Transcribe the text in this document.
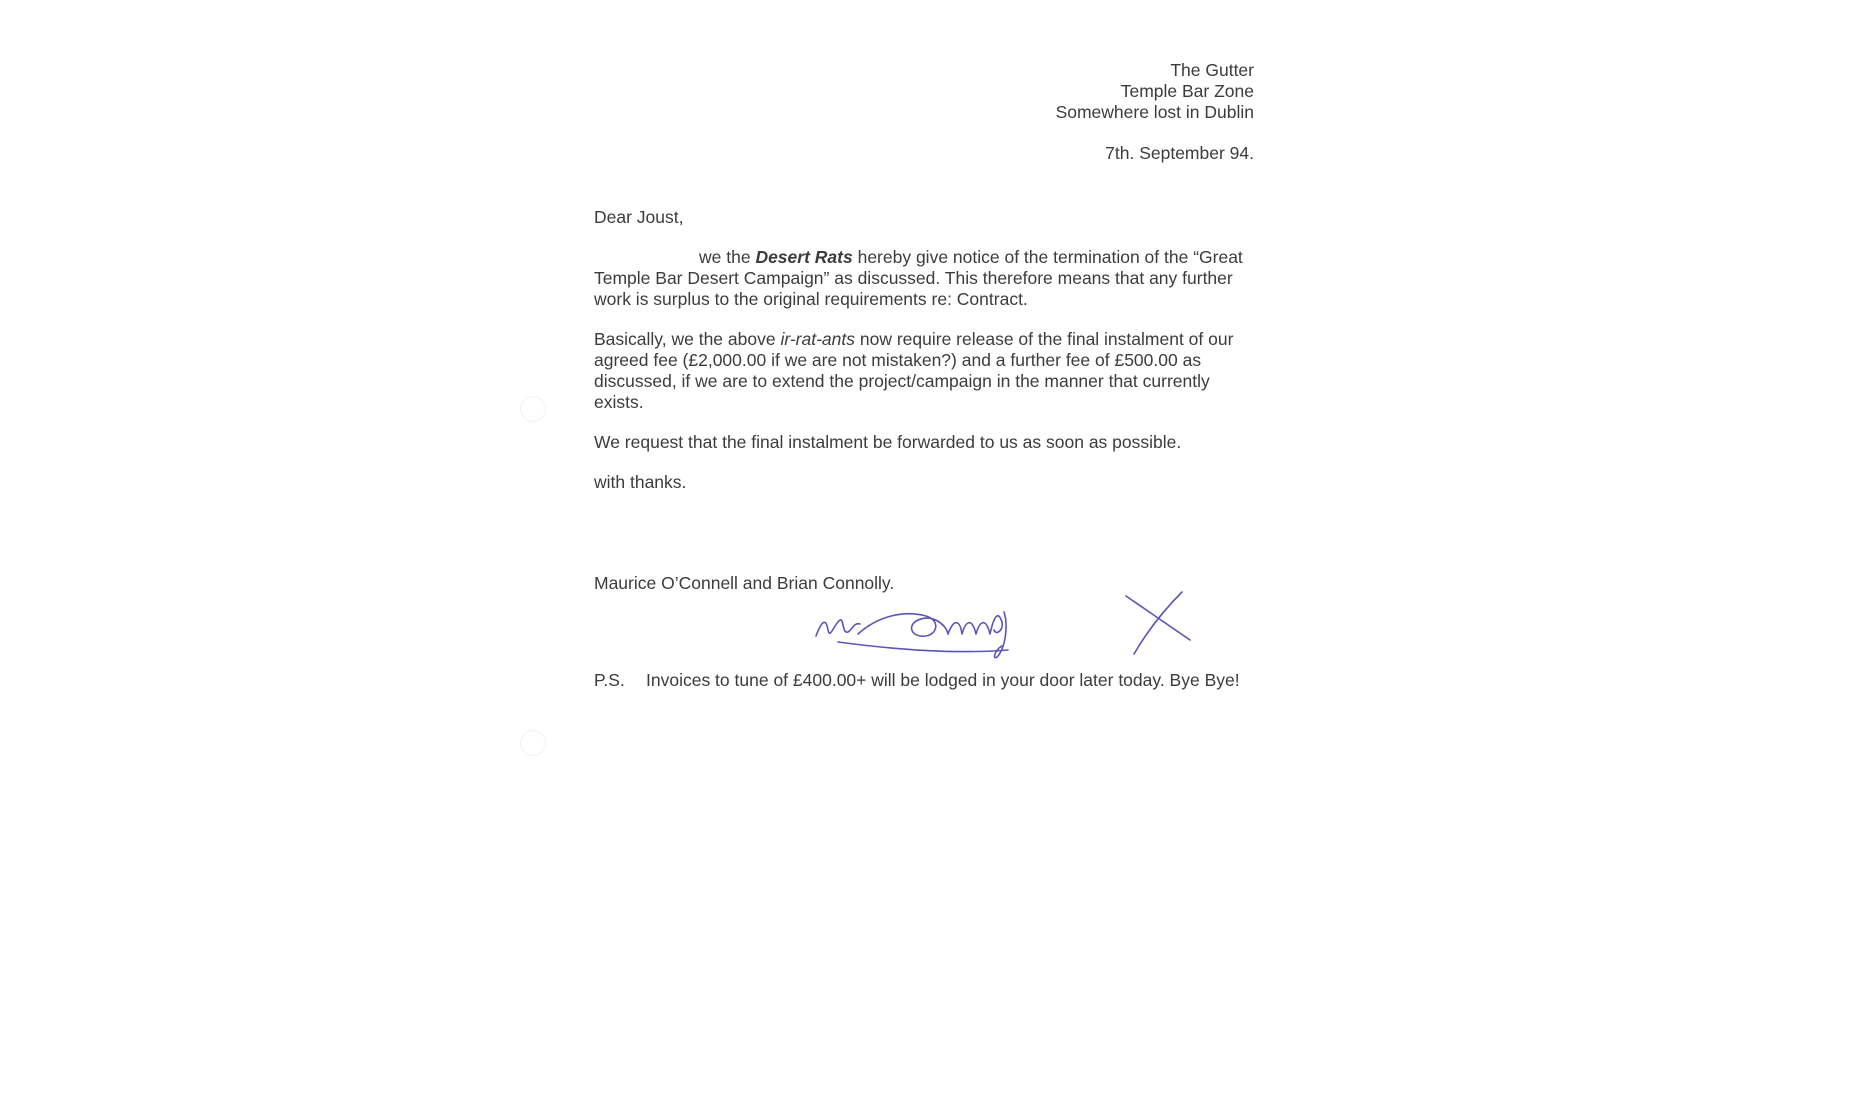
The Gutter
Temple Bar Zone
Somewhere lost in Dublin
7th. September 94.
Dear Joust,
we the Desert Rats hereby give notice of the termination of the “Great Temple Bar Desert Campaign” as discussed. This therefore means that any further work is surplus to the original requirements re: Contract.
Basically, we the above ir-rat-ants now require release of the final instalment of our agreed fee (£2,000.00 if we are not mistaken?) and a further fee of £500.00 as discussed, if we are to extend the project/campaign in the manner that currently exists.
We request that the final instalment be forwarded to us as soon as possible.
with thanks.
Maurice O’Connell and Brian Connolly.
P.S. Invoices to tune of £400.00+ will be lodged in your door later today. Bye Bye!
